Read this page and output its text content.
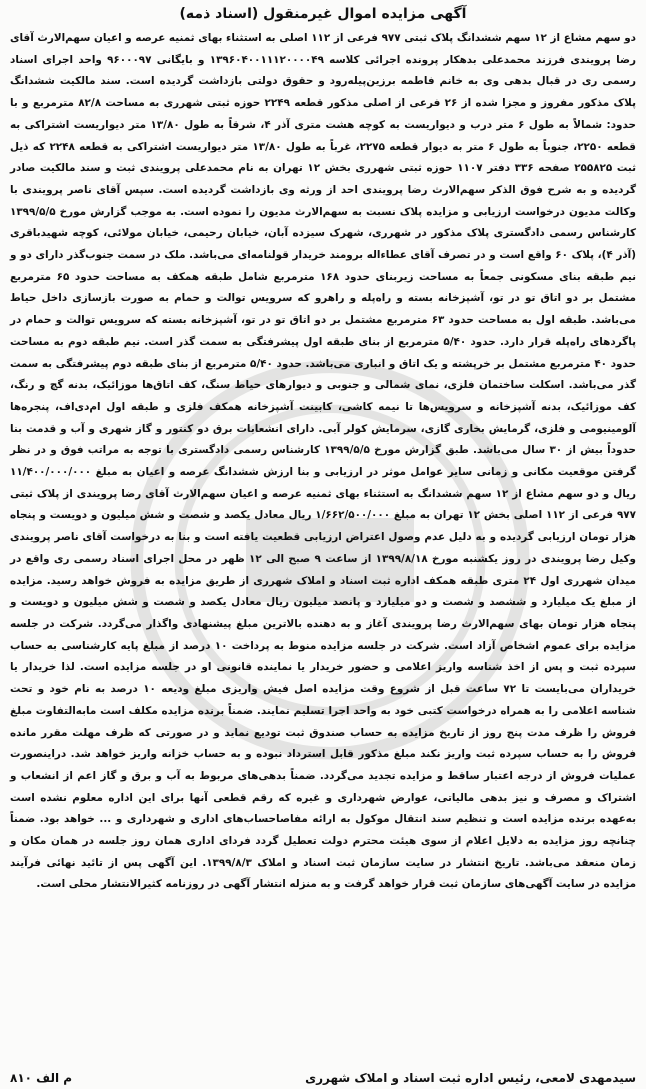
آگهی مزایده اموال غیرمنقول (اسناد ذمه)
دو سهم مشاع از ۱۲ سهم ششدانگ پلاک ثبتی ۹۷۷ فرعی از ۱۱۲ اصلی به استثناء بهای ثمنیه عرصه و اعیان سهم‌الارث آقای رضا پرویندی فرزند محمدعلی بدهکار پرونده اجرائی کلاسه ۱۳۹۶۰۴۰۰۱۱۱۲۰۰۰۰۴۹ و بایگانی ۹۶۰۰۰۹۷ واحد اجرای اسناد رسمی ری در قبال بدهی وی به خانم فاطمه برزین‌پیله‌رود و حقوق دولتی بازداشت گردیده است. سند مالکیت ششدانگ پلاک مذکور مفروز و مجزا شده از ۲۶ فرعی از اصلی مذکور قطعه ۲۲۴۹ حوزه ثبتی شهرری به مساحت ۸۲/۸ مترمربع و با حدود: شمالاً به طول ۶ متر درب و دیواریست به کوچه هشت متری آذر ۴، شرقاً به طول ۱۳/۸۰ متر دیواریست اشتراکی به قطعه ۲۲۵۰، جنوباً به طول ۶ متر به دیوار قطعه ۲۲۷۵، غرباً به طول ۱۳/۸۰ متر دیواریست اشتراکی به قطعه ۲۲۴۸ که ذیل ثبت ۲۵۵۸۲۵ صفحه ۳۳۶ دفتر ۱۱۰۷ حوزه ثبتی شهرری بخش ۱۲ تهران به نام محمدعلی پرویندی ثبت و سند مالکیت صادر گردیده و به شرح فوق الذکر سهم‌الارث رضا پرویندی احد از ورثه وی بازداشت گردیده است. سپس آقای ناصر پرویندی با وکالت مدیون درخواست ارزیابی و مزایده پلاک نسبت به سهم‌الارث مدیون را نموده است. به موجب گزارش مورخ ۱۳۹۹/۵/۵ کارشناس رسمی دادگستری پلاک مذکور در شهرری، شهرک سیزده آبان، خیابان رحیمی، خیابان مولائی، کوچه شهیدباقری (آذر ۴)، پلاک ۶۰ واقع است و در تصرف آقای عطاءاله برومند خریدار قولنامه‌ای می‌باشد. ملک در سمت جنوب‌گذر دارای دو و نیم طبقه بنای مسکونی جمعاً به مساحت زیربنای حدود ۱۶۸ مترمربع شامل طبقه همکف به مساحت حدود ۶۵ مترمربع مشتمل بر دو اتاق تو در تو، آشپزخانه بسته و راه‌پله و راهرو که سرویس توالت و حمام به صورت بازسازی داخل حیاط می‌باشد. طبقه اول به مساحت حدود ۶۳ مترمربع مشتمل بر دو اتاق تو در تو، آشپزخانه بسته که سرویس توالت و حمام در پاگرد‌های راه‌پله قرار دارد. حدود ۵/۴۰ مترمربع از بنای طبقه اول پیشرفتگی به سمت گذر است. نیم طبقه دوم به مساحت حدود ۴۰ مترمربع مشتمل بر خرپشته و یک اتاق و انباری می‌باشد. حدود ۵/۴۰ مترمربع از بنای طبقه دوم پیشرفتگی به سمت گذر می‌باشد. اسکلت ساختمان فلزی، نمای شمالی و جنوبی و دیوارهای حیاط سنگ، کف اتاق‌ها موزائیک، بدنه گچ و رنگ، کف موزائیک، بدنه آشپزخانه و سرویس‌ها تا نیمه کاشی، کابینت آشپزخانه همکف فلزی و طبقه اول ام‌دی‌اف، پنجره‌ها آلومینیومی و فلزی، گرمایش بخاری گازی، سرمایش کولر آبی. دارای انشعابات برق دو کنتور و گاز شهری و آب و قدمت بنا حدوداً بیش از ۳۰ سال می‌باشد. طبق گزارش مورخ ۱۳۹۹/۵/۵ کارشناس رسمی دادگستری با توجه به مراتب فوق و در نظر گرفتن موقعیت مکانی و زمانی سایر عوامل موثر در ارزیابی و بنا ارزش ششدانگ عرصه و اعیان به مبلغ ۱۱/۴۰۰/۰۰۰/۰۰۰ ریال و دو سهم مشاع از ۱۲ سهم ششدانگ به استثناء بهای ثمنیه عرصه و اعیان سهم‌الارث آقای رضا پرویندی از پلاک ثبتی ۹۷۷ فرعی از ۱۱۲ اصلی بخش ۱۲ تهران به مبلغ ۱/۶۶۲/۵۰۰/۰۰۰ ریال معادل یکصد و شصت و شش میلیون و دویست و پنجاه هزار تومان ارزیابی گردیده و به دلیل عدم وصول اعتراض ارزیابی قطعیت یافته است و بنا به درخواست آقای ناصر پرویندی وکیل رضا پرویندی در روز یکشنبه مورخ ۱۳۹۹/۸/۱۸ از ساعت ۹ صبح الی ۱۲ ظهر در محل اجرای اسناد رسمی ری واقع در میدان شهرری اول ۲۴ متری طبقه همکف اداره ثبت اسناد و املاک شهرری از طریق مزایده به فروش خواهد رسید. مزایده از مبلغ یک میلیارد و ششصد و شصت و دو میلیارد و پانصد میلیون ریال معادل یکصد و شصت و شش میلیون و دویست و پنجاه هزار تومان بهای سهم‌الارث رضا پرویندی آغاز و به دهنده بالاترین مبلغ پیشنهادی واگذار می‌گردد. شرکت در جلسه مزایده برای عموم اشخاص آزاد است. شرکت در جلسه مزایده منوط به پرداخت ۱۰ درصد از مبلغ پایه کارشناسی به حساب سپرده ثبت و پس از اخذ شناسه واریز اعلامی و حضور خریدار یا نماینده قانونی او در جلسه مزایده است. لذا خریدار یا خریداران می‌بایست تا ۷۲ ساعت قبل از شروع وقت مزایده اصل فیش واریزی مبلغ ودیعه ۱۰ درصد به نام خود و تحت شناسه اعلامی را به همراه درخواست کتبی خود به واحد اجرا تسلیم نمایند. ضمناً برنده مزایده مکلف است مابه‌التفاوت مبلغ فروش را ظرف مدت پنج روز از تاریخ مزایده به حساب صندوق ثبت تودیع نماید و در صورتی که ظرف مهلت مقرر مانده فروش را به حساب سپرده ثبت واریز نکند مبلغ مذکور قابل استرداد نبوده و به حساب خزانه واریز خواهد شد. دراینصورت عملیات فروش از درجه اعتبار ساقط و مزایده تجدید می‌گردد. ضمناً بدهی‌های مربوط به آب و برق و گاز اعم از انشعاب و اشتراک و مصرف و نیز بدهی مالیاتی، عوارض شهرداری و غیره که رقم قطعی آنها برای این اداره معلوم نشده است به‌عهده برنده مزایده است و تنظیم سند انتقال موکول به ارائه مفاصاحساب‌های اداری و شهرداری و ... خواهد بود. ضمناً چنانچه روز مزایده به دلایل اعلام از سوی هیئت محترم دولت تعطیل گردد فردای اداری همان روز جلسه در همان مکان و زمان منعقد می‌باشد. تاریخ انتشار در سایت سازمان ثبت اسناد و املاک ۱۳۹۹/۸/۳. این آگهی پس از تائید نهائی فرآیند مزایده در سایت آگهی‌های سازمان ثبت قرار خواهد گرفت و به منزله انتشار آگهی در روزنامه کثیرالانتشار محلی است.
سیدمهدی لامعی، رئیس اداره ثبت اسناد و املاک شهرری
م الف ۸۱۰
